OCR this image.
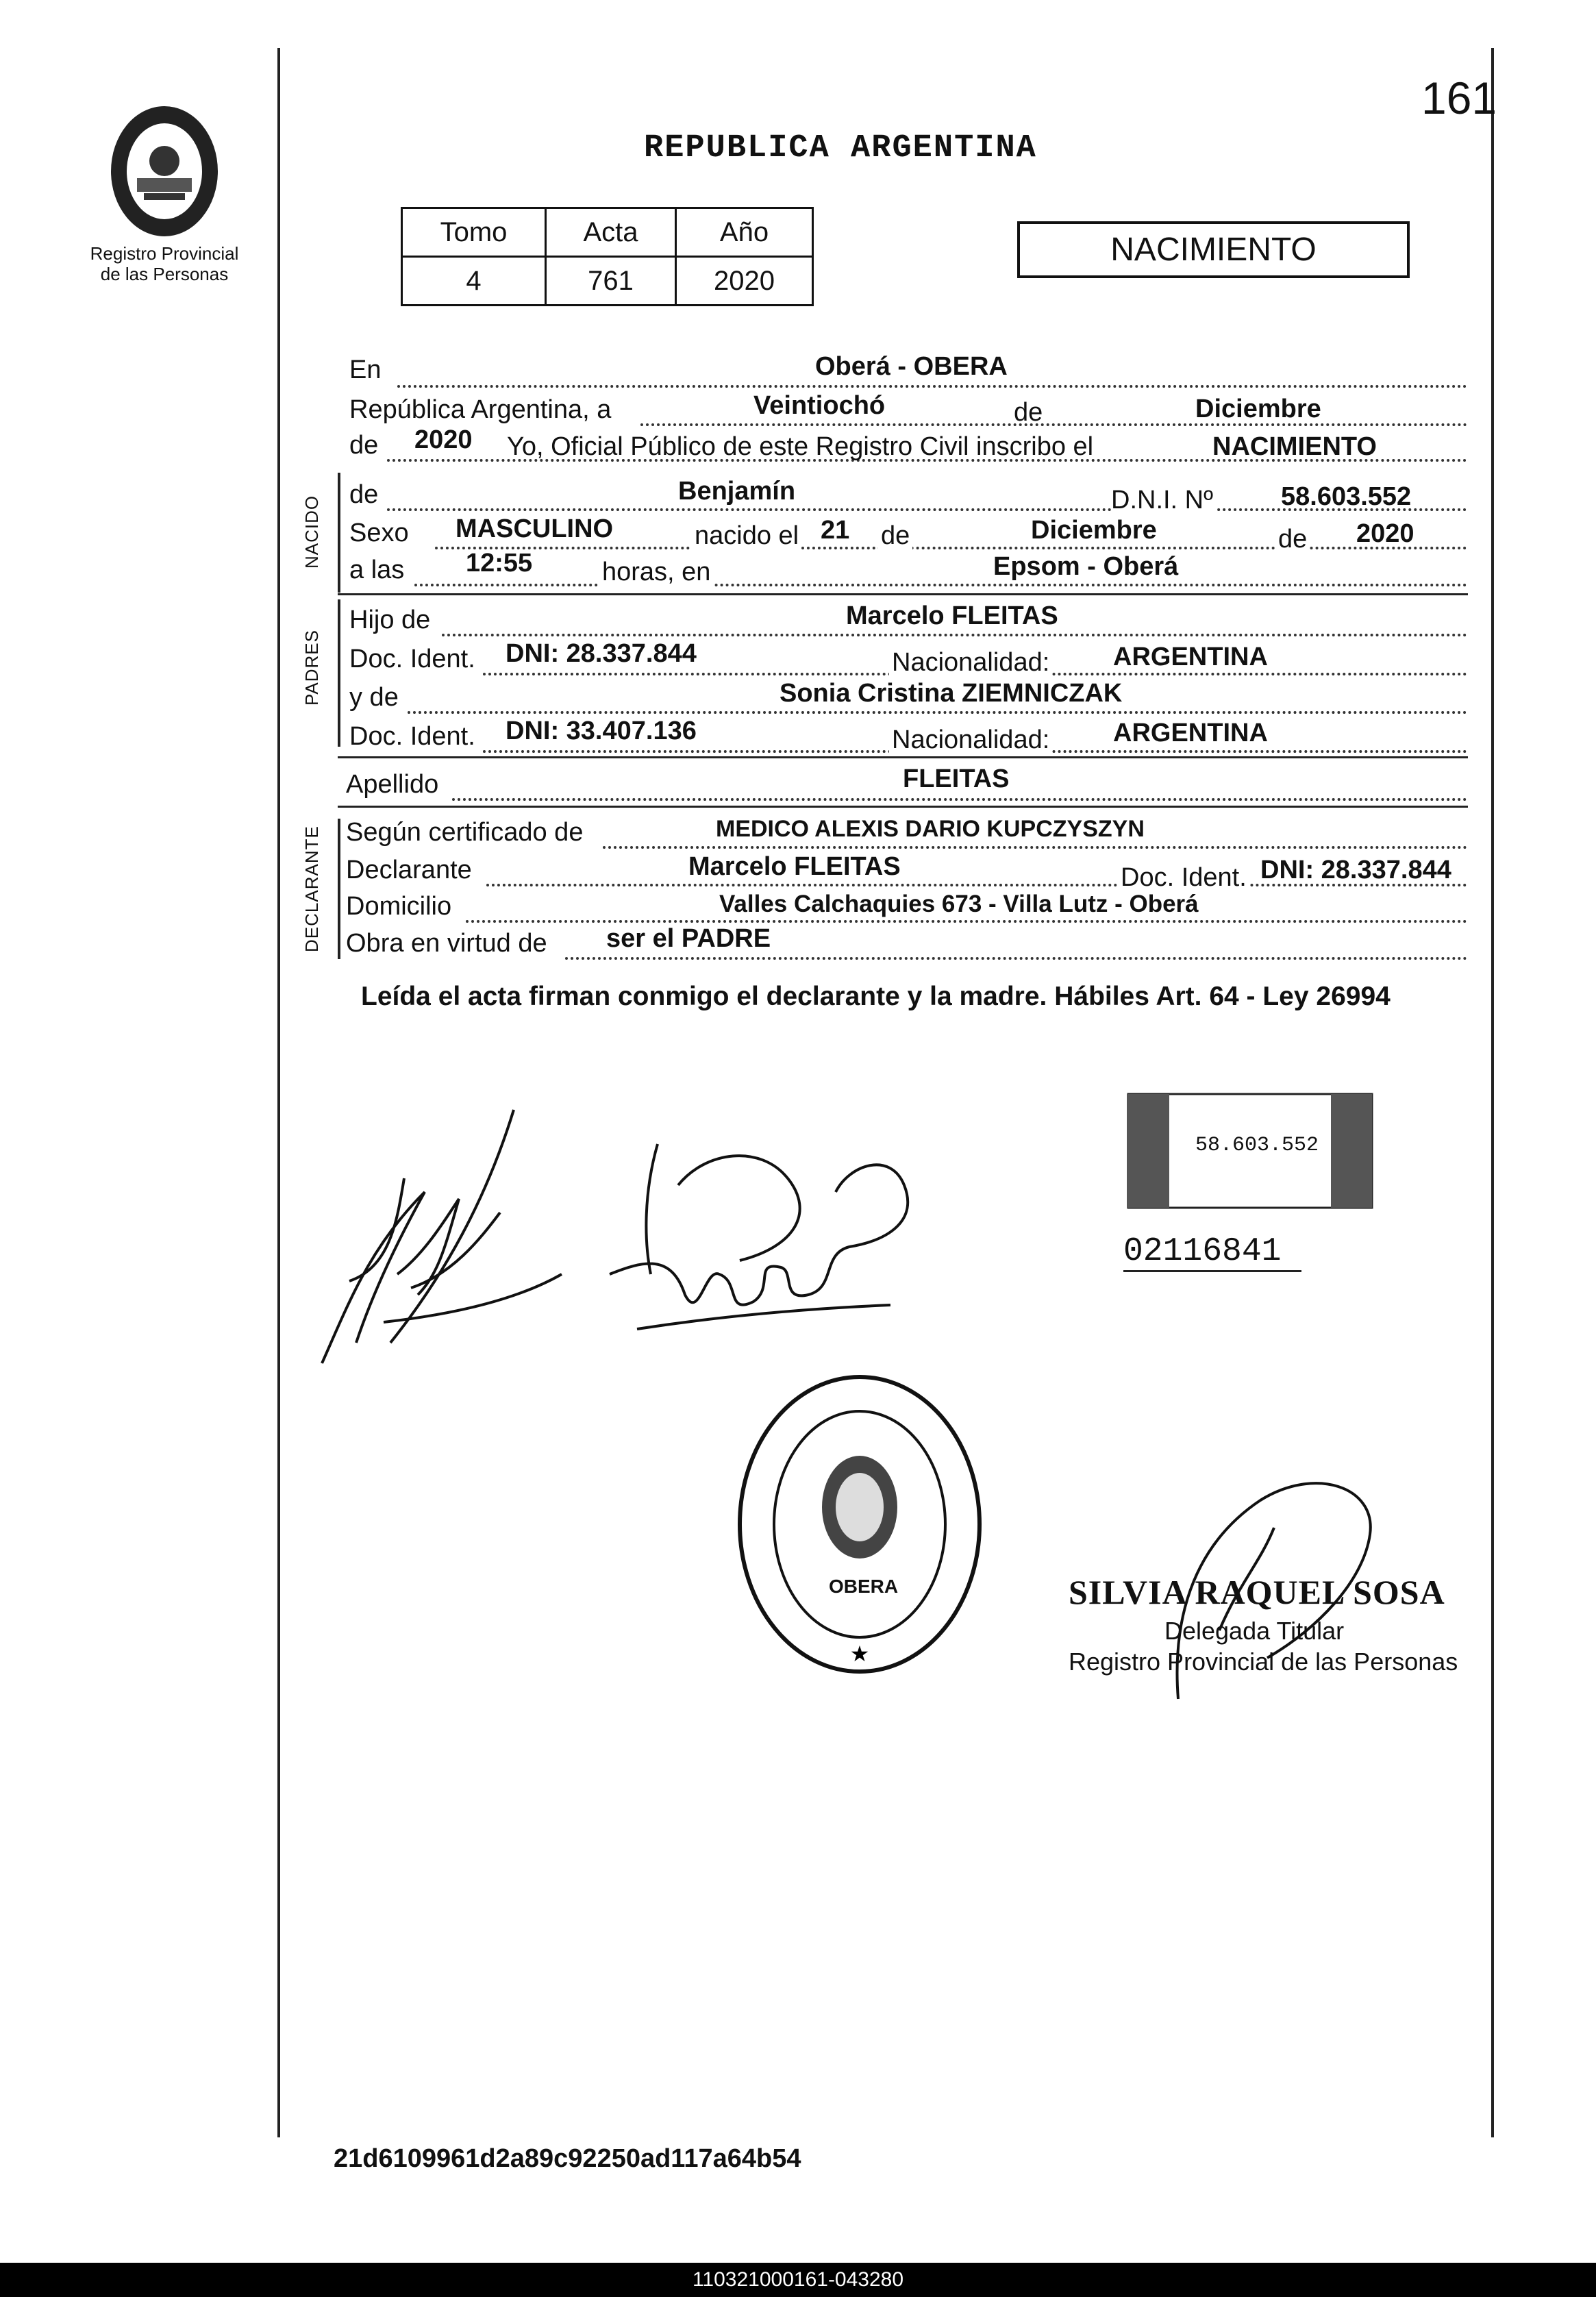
Registro Provincial
de las Personas
161
REPUBLICA ARGENTINA
Tomo	Acta	Año
4	761	2020
NACIMIENTO
En	Oberá - OBERA
República Argentina, a	Veintiochó	de	Diciembre
de 2020 Yo, Oficial Público de este Registro Civil inscribo el	NACIMIENTO
NACIDO
de	Benjamín	D.N.I. Nº	58.603.552
Sexo MASCULINO	nacido el 21 de	Diciembre	de 2020
a las 12:55	horas, en	Epsom - Oberá
PADRES
Hijo de	Marcelo FLEITAS
Doc. Ident. DNI: 28.337.844	Nacionalidad: ARGENTINA
y de	Sonia Cristina ZIEMNICZAK
Doc. Ident. DNI: 33.407.136	Nacionalidad: ARGENTINA
Apellido	FLEITAS
DECLARANTE Según certificado de	MEDICO ALEXIS DARIO KUPCZYSZYN
Declarante	Marcelo FLEITAS	Doc. Ident. DNI: 28.337.844
Domicilio	Valles Calchaquies 673 - Villa Lutz - Oberá
Obra en virtud de ser el PADRE
Leída el acta firman conmigo el declarante y la madre. Hábiles Art. 64 - Ley 26994
58.603.552
02116841
★
OBERA	SILVIA RAQUEL SOSA
Delegada Titular
Registro Provincial de las Personas
21d6109961d2a89c92250ad117a64b54
110321000161-043280
